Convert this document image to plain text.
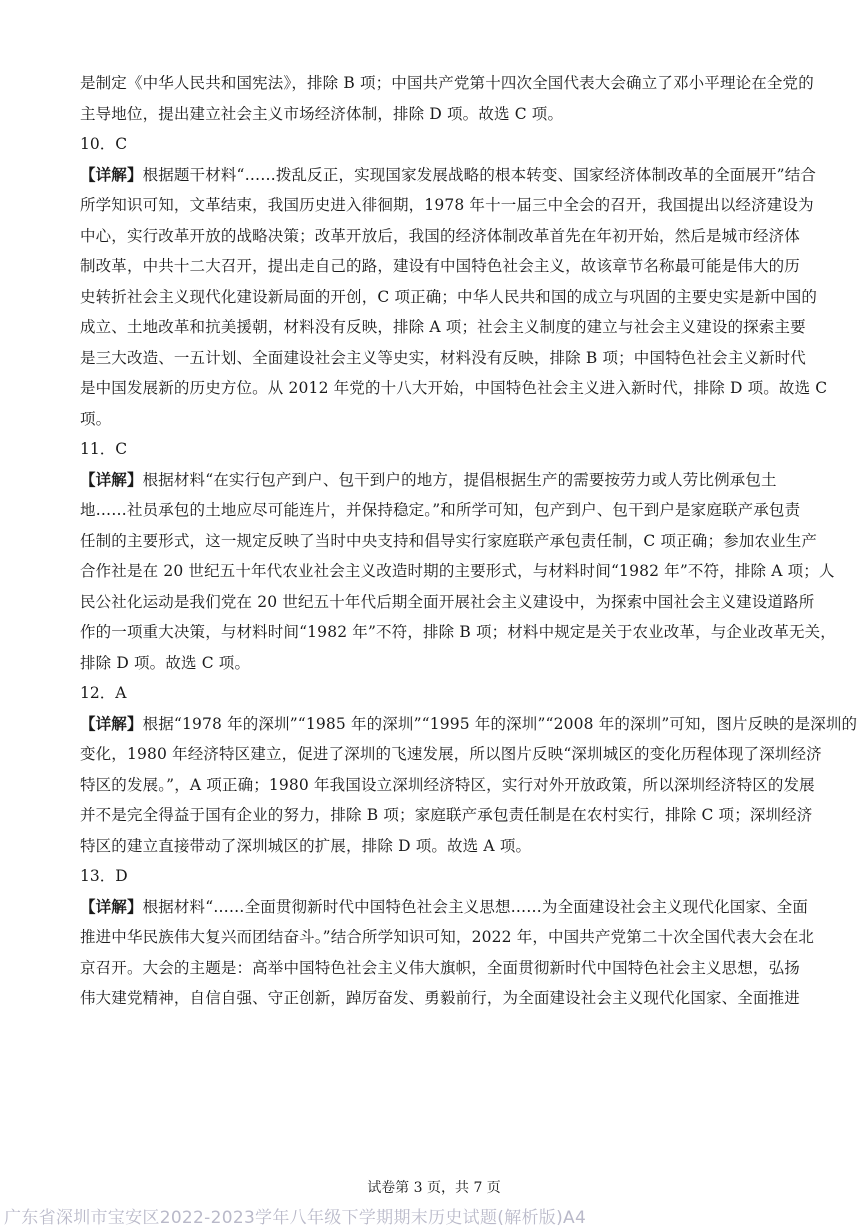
是制定《中华人民共和国宪法》，排除 B 项；中国共产党第十四次全国代表大会确立了邓小平理论在全党的
主导地位，提出建立社会主义市场经济体制，排除 D 项。故选 C 项。
10．C
【详解】根据题干材料“……拨乱反正，实现国家发展战略的根本转变、国家经济体制改革的全面展开”结合
所学知识可知，文革结束，我国历史进入徘徊期，1978 年十一届三中全会的召开，我国提出以经济建设为
中心，实行改革开放的战略决策；改革开放后，我国的经济体制改革首先在年初开始，然后是城市经济体
制改革，中共十二大召开，提出走自己的路，建设有中国特色社会主义，故该章节名称最可能是伟大的历
史转折社会主义现代化建设新局面的开创，C 项正确；中华人民共和国的成立与巩固的主要史实是新中国的
成立、土地改革和抗美援朝，材料没有反映，排除 A 项；社会主义制度的建立与社会主义建设的探索主要
是三大改造、一五计划、全面建设社会主义等史实，材料没有反映，排除 B 项；中国特色社会主义新时代
是中国发展新的历史方位。从 2012 年党的十八大开始，中国特色社会主义进入新时代，排除 D 项。故选 C
项。
11．C
【详解】根据材料“在实行包产到户、包干到户的地方，提倡根据生产的需要按劳力或人劳比例承包土
地……社员承包的土地应尽可能连片，并保持稳定。”和所学可知，包产到户、包干到户是家庭联产承包责
任制的主要形式，这一规定反映了当时中央支持和倡导实行家庭联产承包责任制，C 项正确；参加农业生产
合作社是在 20 世纪五十年代农业社会主义改造时期的主要形式，与材料时间“1982 年”不符，排除 A 项；人
民公社化运动是我们党在 20 世纪五十年代后期全面开展社会主义建设中，为探索中国社会主义建设道路所
作的一项重大决策，与材料时间“1982 年”不符，排除 B 项；材料中规定是关于农业改革，与企业改革无关，
排除 D 项。故选 C 项。
12．A
【详解】根据“1978 年的深圳”“1985 年的深圳”“1995 年的深圳”“2008 年的深圳”可知，图片反映的是深圳的
变化，1980 年经济特区建立，促进了深圳的飞速发展，所以图片反映“深圳城区的变化历程体现了深圳经济
特区的发展。”，A 项正确；1980 年我国设立深圳经济特区，实行对外开放政策，所以深圳经济特区的发展
并不是完全得益于国有企业的努力，排除 B 项；家庭联产承包责任制是在农村实行，排除 C 项；深圳经济
特区的建立直接带动了深圳城区的扩展，排除 D 项。故选 A 项。
13．D
【详解】根据材料“……全面贯彻新时代中国特色社会主义思想……为全面建设社会主义现代化国家、全面
推进中华民族伟大复兴而团结奋斗。”结合所学知识可知，2022 年，中国共产党第二十次全国代表大会在北
京召开。大会的主题是：高举中国特色社会主义伟大旗帜，全面贯彻新时代中国特色社会主义思想，弘扬
伟大建党精神，自信自强、守正创新，踔厉奋发、勇毅前行，为全面建设社会主义现代化国家、全面推进
试卷第 3 页，共 7 页
广东省深圳市宝安区2022-2023学年八年级下学期期末历史试题(解析版)A4
